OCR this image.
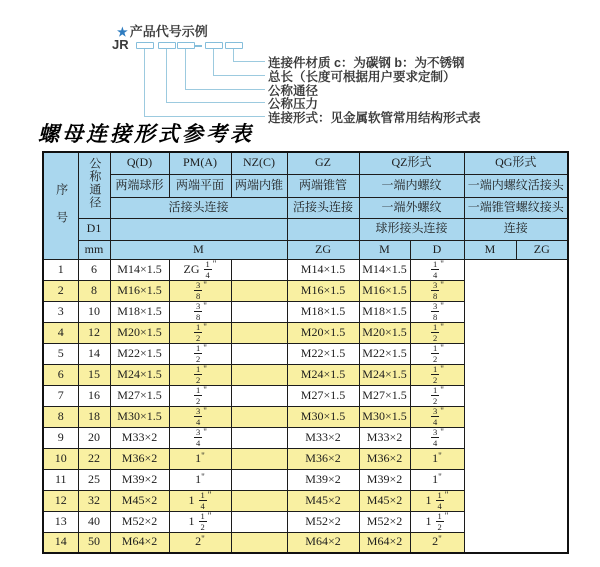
★ 产品代号示例
JR
连接件材质 c：为碳钢 b：为不锈钢
总长（长度可根据用户要求定制）
公称通径
公称压力
连接形式：见金属软管常用结构形式表
螺母连接形式参考表
序号	公称通径	Q(D)	PM(A)	NZ(C)	GZ	QZ形式		QG形式	
		两端球形	两端平面	两端内锥	两端锥管	一端内螺纹		一端内螺纹活接头	
		活接头连接			活接头连接	一端外螺纹		一端锥管螺纹接头	
	D1					球形接头连接		连接	
	mm	M			ZG	M	D	M	ZG
1	6	M14×1.5	ZG $\frac{1}{4} ^"$		M14×1.5	M14×1.5	$\frac{1}{4} ^"$
2	8	M16×1.5	$\frac{3}{8} ^"$		M16×1.5	M16×1.5	$\frac{3}{8} ^"$
3	10	M18×1.5	$\frac{3}{8} ^"$		M18×1.5	M18×1.5	$\frac{3}{8} ^"$
4	12	M20×1.5	$\frac{1}{2} ^"$		M20×1.5	M20×1.5	$\frac{1}{2} ^"$
5	14	M22×1.5	$\frac{1}{2} ^"$		M22×1.5	M22×1.5	$\frac{1}{2} ^"$
6	15	M24×1.5	$\frac{1}{2} ^"$		M24×1.5	M24×1.5	$\frac{1}{2} ^"$
7	16	M27×1.5	$\frac{1}{2} ^"$		M27×1.5	M27×1.5	$\frac{1}{2} ^"$
8	18	M30×1.5	$\frac{3}{4} ^"$		M30×1.5	M30×1.5	$\frac{3}{4} ^"$
9	20	M33×2	$\frac{3}{4} ^"$		M33×2	M33×2	$\frac{3}{4} ^"$
10	22	M36×2	1"		M36×2	M36×2	1"
11	25	M39×2	1"		M39×2	M39×2	1"
12	32	M45×2	$1 \frac{1}{4} ^"$		M45×2	M45×2	$1 \frac{1}{4} ^"$
13	40	M52×2	$1 \frac{1}{2} ^"$		M52×2	M52×2	$1 \frac{1}{2} ^"$
14	50	M64×2	2"		M64×2	M64×2	2"
